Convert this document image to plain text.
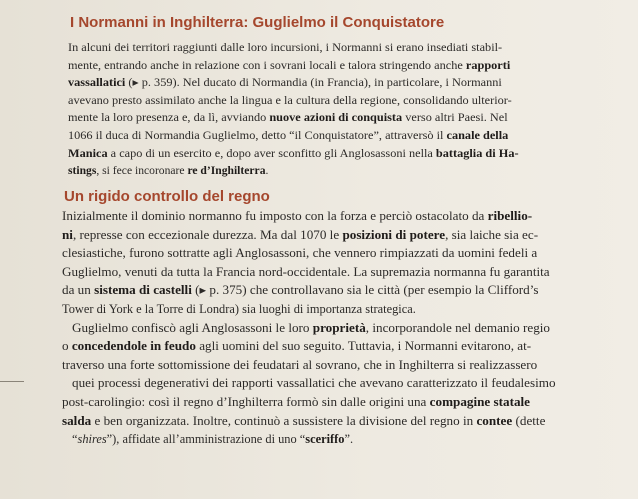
I Normanni in Inghilterra: Guglielmo il Conquistatore
Un rigido controllo del regno
In alcuni dei territori raggiunti dalle loro incursioni, i Normanni si erano insediati stabil-
mente, entrando anche in relazione con i sovrani locali e talora stringendo anche rapporti
vassallatici (▸ p. 359). Nel ducato di Normandia (in Francia), in particolare, i Normanni
avevano presto assimilato anche la lingua e la cultura della regione, consolidando ulterior-
mente la loro presenza e, da lì, avviando nuove azioni di conquista verso altri Paesi. Nel
1066 il duca di Normandia Guglielmo, detto “il Conquistatore”, attraversò il canale della
Manica a capo di un esercito e, dopo aver sconfitto gli Anglosassoni nella battaglia di Ha-
stings, si fece incoronare re d’Inghilterra.
Inizialmente il dominio normanno fu imposto con la forza e perciò ostacolato da ribellio-
ni, represse con eccezionale durezza. Ma dal 1070 le posizioni di potere, sia laiche sia ec-
clesiastiche, furono sottratte agli Anglosassoni, che vennero rimpiazzati da uomini fedeli a
Guglielmo, venuti da tutta la Francia nord-occidentale. La supremazia normanna fu garantita
da un sistema di castelli (▸ p. 375) che controllavano sia le città (per esempio la Clifford’s
Tower di York e la Torre di Londra) sia luoghi di importanza strategica.
Guglielmo confiscò agli Anglosassoni le loro proprietà, incorporandole nel demanio regio
o concedendole in feudo agli uomini del suo seguito. Tuttavia, i Normanni evitarono, at-
traverso una forte sottomissione dei feudatari al sovrano, che in Inghilterra si realizzassero
quei processi degenerativi dei rapporti vassallatici che avevano caratterizzato il feudalesimo
post-carolingio: così il regno d’Inghilterra formò sin dalle origini una compagine statale
salda e ben organizzata. Inoltre, continuò a sussistere la divisione del regno in contee (dette
“shires”), affidate all’amministrazione di uno “sceriffo”.
